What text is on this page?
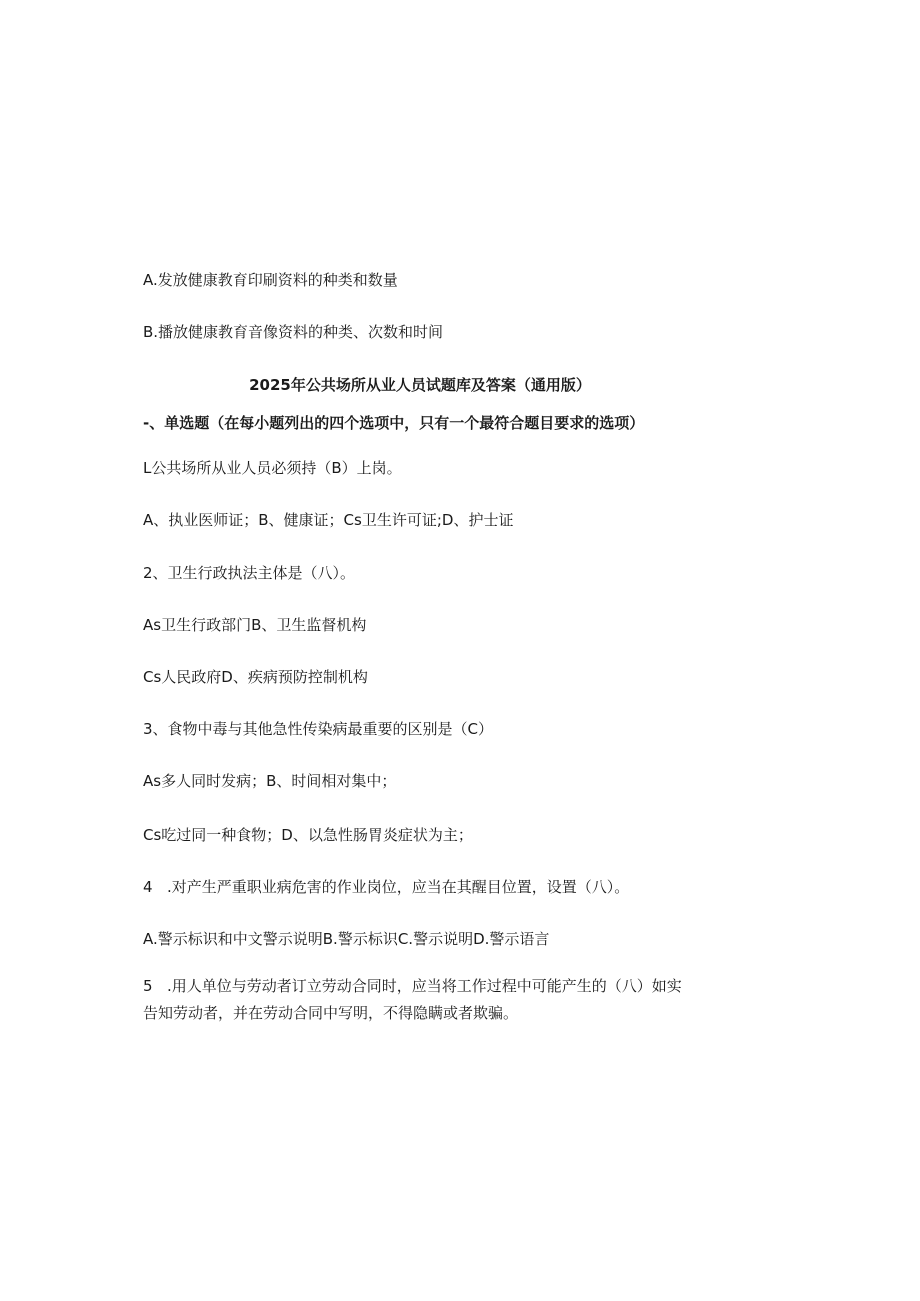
A.发放健康教育印刷资料的种类和数量
B.播放健康教育音像资料的种类、次数和时间
2025年公共场所从业人员试题库及答案（通用版）
-、单选题（在每小题列出的四个选项中，只有一个最符合题目要求的选项）
L公共场所从业人员必须持（B）上岗。
A、执业医师证；B、健康证；Cs卫生许可证;D、护士证
2、卫生行政执法主体是（八）。
As卫生行政部门B、卫生监督机构
Cs人民政府D、疾病预防控制机构
3、食物中毒与其他急性传染病最重要的区别是（C）
As多人同时发病；B、时间相对集中；
Cs吃过同一种食物；D、以急性肠胃炎症状为主；
4 .对产生严重职业病危害的作业岗位，应当在其醒目位置，设置（八）。
A.警示标识和中文警示说明B.警示标识C.警示说明D.警示语言
5 .用人单位与劳动者订立劳动合同时，应当将工作过程中可能产生的（八）如实
告知劳动者，并在劳动合同中写明，不得隐瞒或者欺骗。
